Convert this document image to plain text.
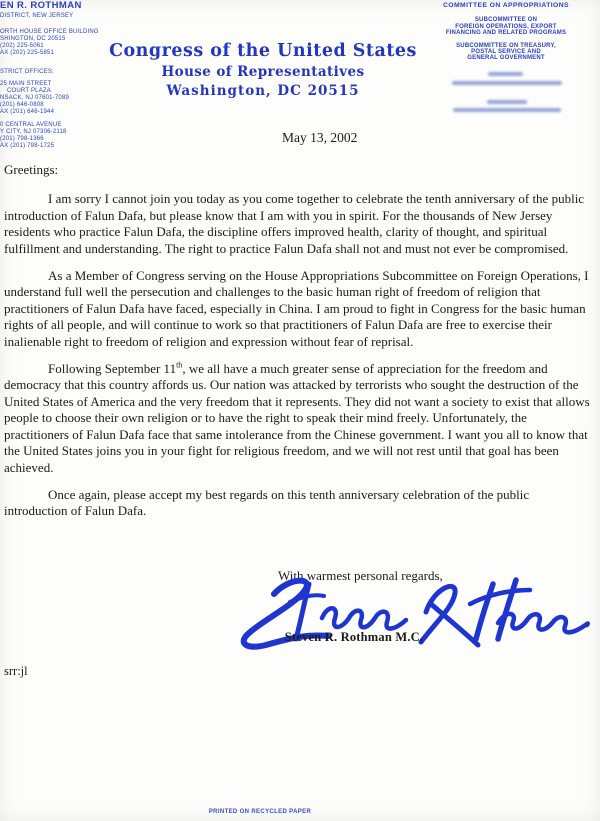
EN R. ROTHMAN
DISTRICT, NEW JERSEY
ORTH HOUSE OFFICE BUILDING
SHINGTON, DC 20515
(202) 225-5061
AX (202) 225-5851
STRICT OFFICES:
25 MAIN STREET
COURT PLAZA
NSACK, NJ 07601-7089
(201) 646-0808
AX (201) 646-1944
0 CENTRAL AVENUE
Y CITY, NJ 07306-2118
(201) 798-1366
AX (201) 798-1725
COMMITTEE ON APPROPRIATIONS
SUBCOMMITTEE ON
FOREIGN OPERATIONS, EXPORT
FINANCING AND RELATED PROGRAMS
SUBCOMMITTEE ON TREASURY,
POSTAL SERVICE AND
GENERAL GOVERNMENT
Congress of the United States
House of Representatives
Washington, DC 20515
May 13, 2002
Greetings:

I am sorry I cannot join you today as you come together to celebrate the tenth anniversary of the public introduction of Falun Dafa, but please know that I am with you in spirit. For the thousands of New Jersey residents who practice Falun Dafa, the discipline offers improved health, clarity of thought, and spiritual fulfillment and understanding. The right to practice Falun Dafa shall not and must not ever be compromised.

As a Member of Congress serving on the House Appropriations Subcommittee on Foreign Operations, I understand full well the persecution and challenges to the basic human right of freedom of religion that practitioners of Falun Dafa have faced, especially in China. I am proud to fight in Congress for the basic human rights of all people, and will continue to work so that practitioners of Falun Dafa are free to exercise their inalienable right to freedom of religion and expression without fear of reprisal.

Following September 11th, we all have a much greater sense of appreciation for the freedom and democracy that this country affords us. Our nation was attacked by terrorists who sought the destruction of the United States of America and the very freedom that it represents. They did not want a society to exist that allows people to choose their own religion or to have the right to speak their mind freely. Unfortunately, the practitioners of Falun Dafa face that same intolerance from the Chinese government. I want you all to know that the United States joins you in your fight for religious freedom, and we will not rest until that goal has been achieved.

Once again, please accept my best regards on this tenth anniversary celebration of the public introduction of Falun Dafa.

With warmest personal regards,
Steven R. Rothman M.C.
srr:jl
PRINTED ON RECYCLED PAPER
